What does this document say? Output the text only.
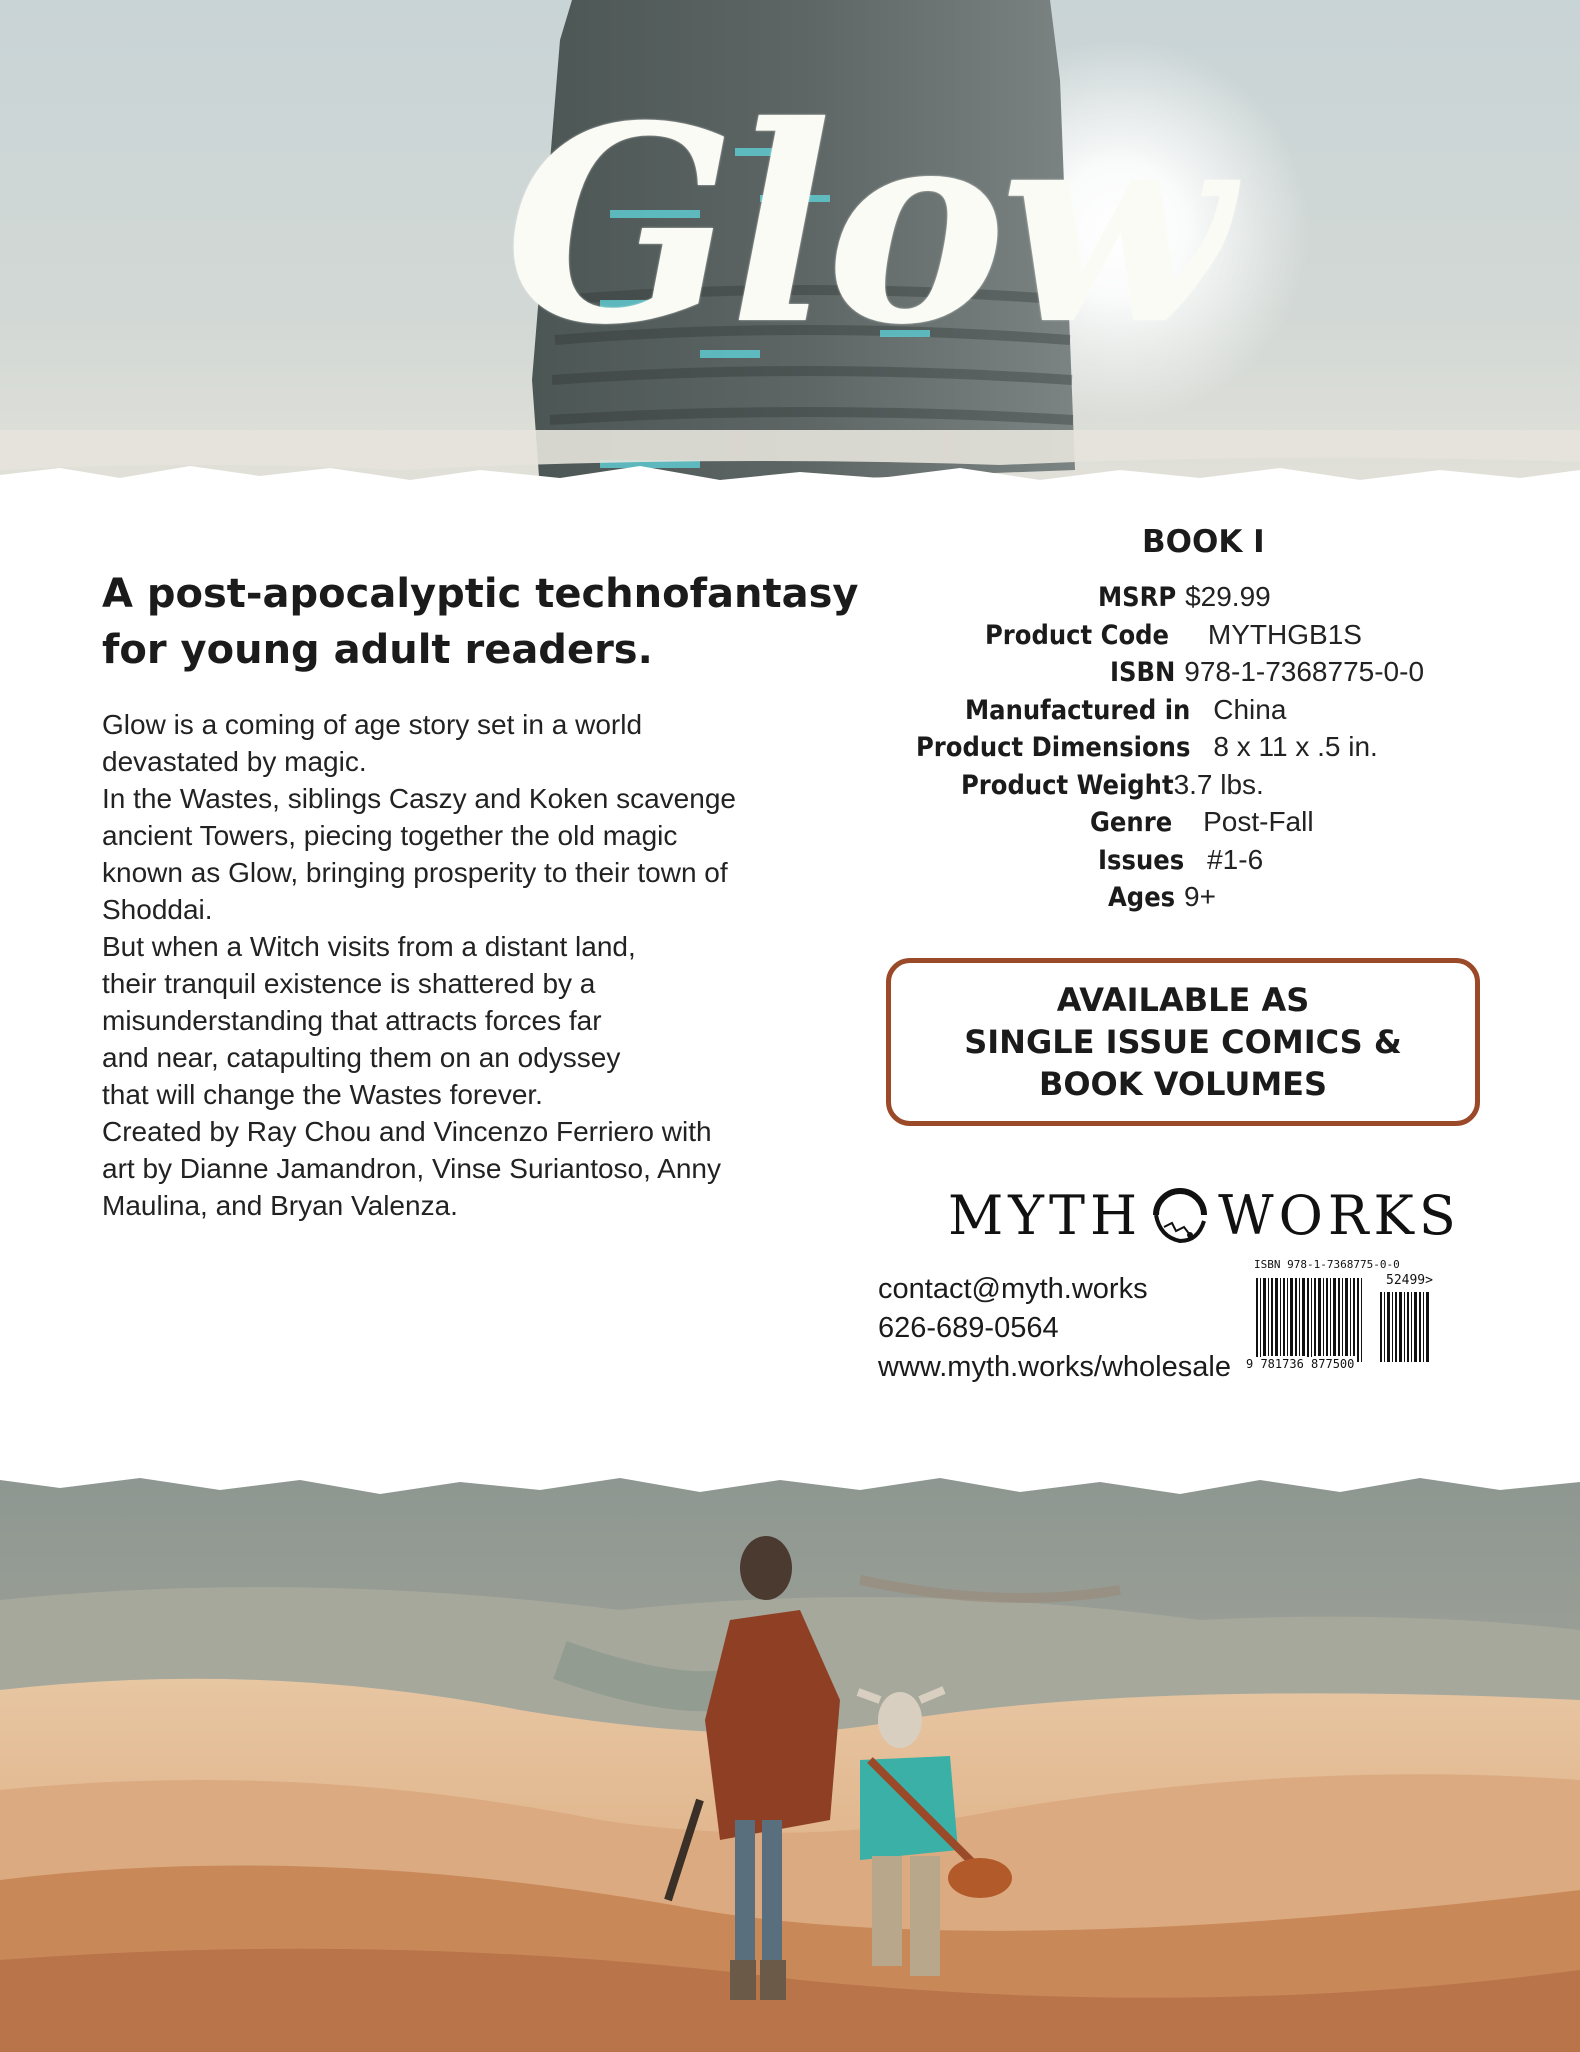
Glow
A post-apocalyptic technofantasy
for young adult readers.
Glow is a coming of age story set in a world
devastated by magic.
In the Wastes, siblings Caszy and Koken scavenge
ancient Towers, piecing together the old magic
known as Glow, bringing prosperity to their town of
Shoddai.
But when a Witch visits from a distant land,
their tranquil existence is shattered by a
misunderstanding that attracts forces far
and near, catapulting them on an odyssey
that will change the Wastes forever.
Created by Ray Chou and Vincenzo Ferriero with
art by Dianne Jamandron, Vinse Suriantoso, Anny
Maulina, and Bryan Valenza.
BOOK I
MSRP $29.99
Product Code MYTHGB1S
ISBN 978-1-7368775-0-0
Manufactured in China
Product Dimensions 8 x 11 x .5 in.
Product Weight3.7 lbs.
Genre Post-Fall
Issues #1-6
Ages 9+
AVAILABLE AS
SINGLE ISSUE COMICS &
BOOK VOLUMES
MYTH WORKS
contact@myth.works
626-689-0564
www.myth.works/wholesale
ISBN 978-1-7368775-0-0
52499>
9 781736 877500
